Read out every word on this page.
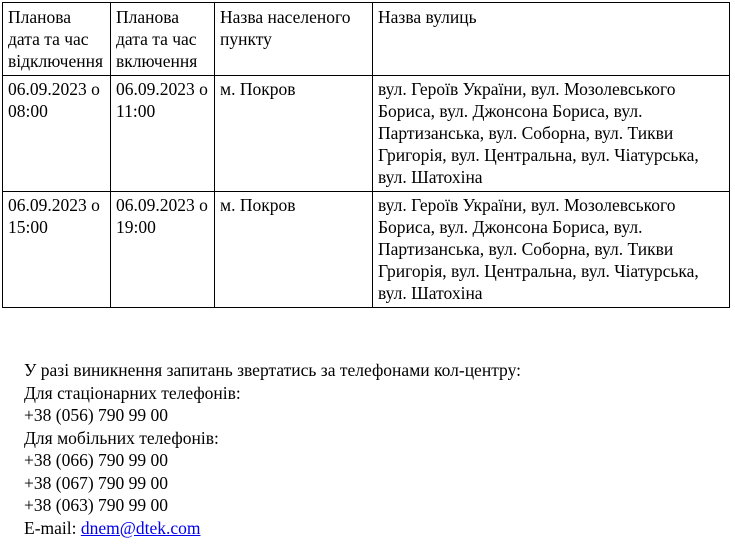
Планова дата та час відключення	Планова дата та час включення	Назва населеного пункту	Назва вулиць
06.09.2023 о 08:00	06.09.2023 о 11:00	м. Покров	вул. Героїв України, вул. Мозолевського Бориса, вул. Джонсона Бориса, вул. Партизанська, вул. Соборна, вул. Тикви Григорія, вул. Центральна, вул. Чіатурська, вул. Шатохіна
06.09.2023 о 15:00	06.09.2023 о 19:00	м. Покров	вул. Героїв України, вул. Мозолевського Бориса, вул. Джонсона Бориса, вул. Партизанська, вул. Соборна, вул. Тикви Григорія, вул. Центральна, вул. Чіатурська, вул. Шатохіна
У разі виникнення запитань звертатись за телефонами кол-центру:
Для стаціонарних телефонів:
+38 (056) 790 99 00
Для мобільних телефонів:
+38 (066) 790 99 00
+38 (067) 790 99 00
+38 (063) 790 99 00
E-mail: dnem@dtek.com
